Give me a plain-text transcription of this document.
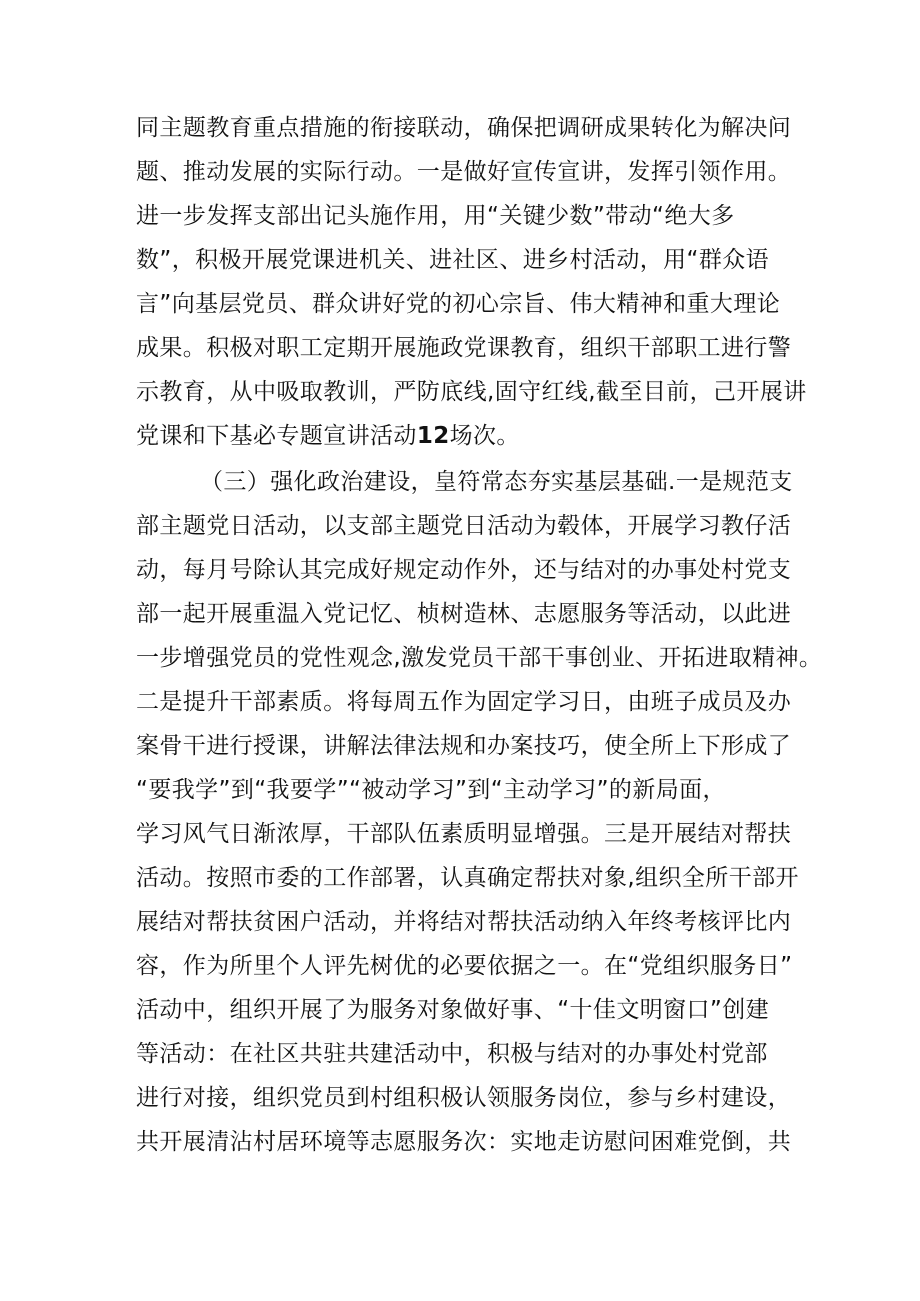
同主题教育重点措施的衔接联动，确保把调研成果转化为解决问
题、推动发展的实际行动。一是做好宣传宣讲，发挥引领作用。
进一步发挥支部出记头施作用，用“关键少数”带动“绝大多
数”，积极开展党课进机关、进社区、进乡村活动，用“群众语
言”向基层党员、群众讲好党的初心宗旨、伟大精神和重大理论
成果。积极对职工定期开展施政党课教育，组织干部职工进行警
示教育，从中吸取教训，严防底线,固守红线,截至目前，己开展讲
党课和下基必专题宣讲活动12场次。
（三）强化政治建设，皇符常态夯实基层基础.一是规范支
部主题党日活动，以支部主题党日活动为毂体，开展学习教仔活
动，每月号除认其完成好规定动作外，还与结对的办事处村党支
部一起开展重温入党记忆、桢树造林、志愿服务等活动，以此进
一步增强党员的党性观念,激发党员干部干事创业、开拓进取精神。
二是提升干部素质。将每周五作为固定学习日，由班子成员及办
案骨干进行授课，讲解法律法规和办案技巧，使全所上下形成了
“要我学”到“我要学”“被动学习”到“主动学习”的新局面，
学习风气日渐浓厚，干部队伍素质明显增强。三是开展结对帮扶
活动。按照市委的工作部署，认真确定帮扶对象,组织全所干部开
展结对帮扶贫困户活动，并将结对帮扶活动纳入年终考核评比内
容，作为所里个人评先树优的必要依据之一。在“党组织服务日”
活动中，组织开展了为服务对象做好事、“十佳文明窗口”创建
等活动：在社区共驻共建活动中，积极与结对的办事处村党部
进行对接，组织党员到村组积极认领服务岗位，参与乡村建设，
共开展清沾村居环境等志愿服务次：实地走访慰问困难党倒，共
